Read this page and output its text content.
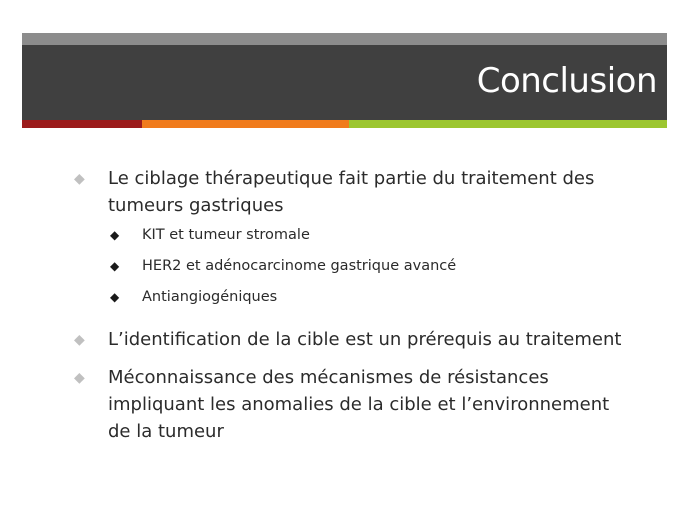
Conclusion
◆ Le ciblage thérapeutique fait partie du traitement des tumeurs gastriques
◆ KIT et tumeur stromale
◆ HER2 et adénocarcinome gastrique avancé
◆ Antiangiogéniques
◆ L’identification de la cible est un prérequis au traitement
◆ Méconnaissance des mécanismes de résistances impliquant les anomalies de la cible et l’environnement de la tumeur
